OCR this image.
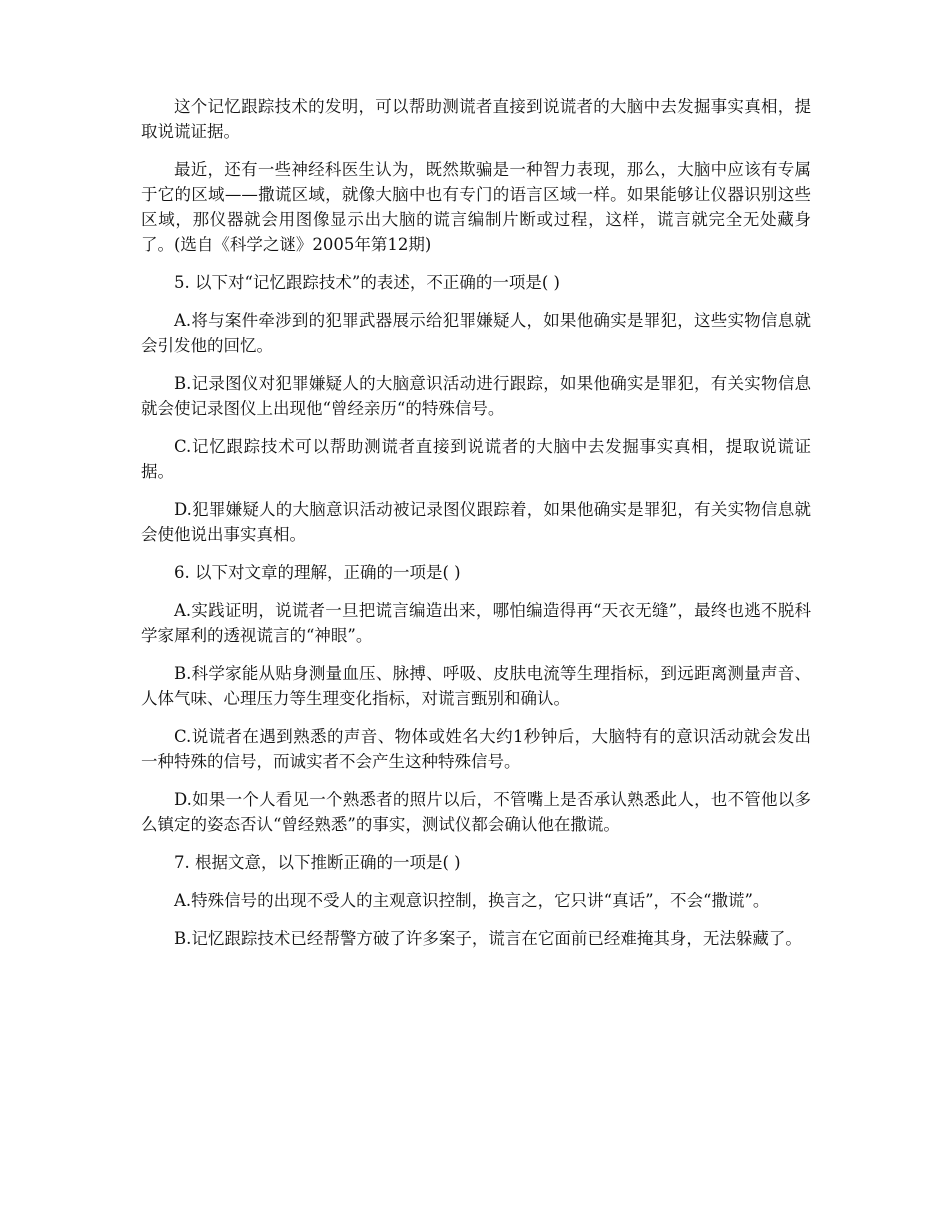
这个记忆跟踪技术的发明，可以帮助测谎者直接到说谎者的大脑中去发掘事实真相，提取说谎证据。

最近，还有一些神经科医生认为，既然欺骗是一种智力表现，那么，大脑中应该有专属于它的区域——撒谎区域，就像大脑中也有专门的语言区域一样。如果能够让仪器识别这些区域，那仪器就会用图像显示出大脑的谎言编制片断或过程，这样，谎言就完全无处藏身了。(选自《科学之谜》2005年第12期)

5. 以下对“记忆跟踪技术”的表述，不正确的一项是( )

A.将与案件牵涉到的犯罪武器展示给犯罪嫌疑人，如果他确实是罪犯，这些实物信息就会引发他的回忆。

B.记录图仪对犯罪嫌疑人的大脑意识活动进行跟踪，如果他确实是罪犯，有关实物信息就会使记录图仪上出现他“曾经亲历“的特殊信号。

C.记忆跟踪技术可以帮助测谎者直接到说谎者的大脑中去发掘事实真相，提取说谎证据。

D.犯罪嫌疑人的大脑意识活动被记录图仪跟踪着，如果他确实是罪犯，有关实物信息就会使他说出事实真相。

6. 以下对文章的理解，正确的一项是( )

A.实践证明，说谎者一旦把谎言编造出来，哪怕编造得再“天衣无缝”，最终也逃不脱科学家犀利的透视谎言的“神眼”。

B.科学家能从贴身测量血压、脉搏、呼吸、皮肤电流等生理指标，到远距离测量声音、人体气味、心理压力等生理变化指标，对谎言甄别和确认。

C.说谎者在遇到熟悉的声音、物体或姓名大约1秒钟后，大脑特有的意识活动就会发出一种特殊的信号，而诚实者不会产生这种特殊信号。

D.如果一个人看见一个熟悉者的照片以后，不管嘴上是否承认熟悉此人，也不管他以多么镇定的姿态否认“曾经熟悉”的事实，测试仪都会确认他在撒谎。

7. 根据文意，以下推断正确的一项是( )

A.特殊信号的出现不受人的主观意识控制，换言之，它只讲“真话”，不会“撒谎”。

B.记忆跟踪技术已经帮警方破了许多案子，谎言在它面前已经难掩其身，无法躲藏了。
